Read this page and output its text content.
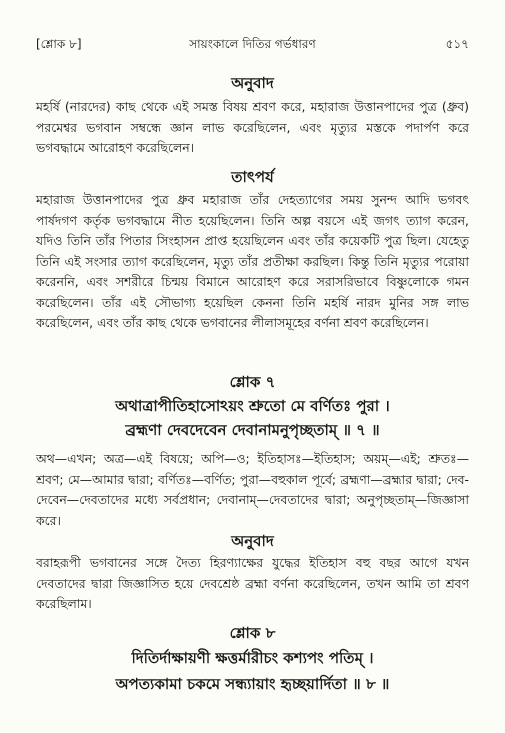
[শ্লোক ৮]	সায়ংকালে দিতির গর্ভধারণ	৫১৭
অনুবাদ
মহর্ষি (নারদের) কাছ থেকে এই সমস্ত বিষয় শ্রবণ করে, মহারাজ উত্তানপাদের পুত্র (ধ্রুব) পরমেশ্বর ভগবান সম্বন্ধে জ্ঞান লাভ করেছিলেন, এবং মৃত্যুর মস্তকে পদার্পণ করে ভগবদ্ধামে আরোহণ করেছিলেন।
তাৎপর্য
মহারাজ উত্তানপাদের পুত্র ধ্রুব মহারাজ তাঁর দেহত্যাগের সময় সুনন্দ আদি ভগবৎ পার্ষদগণ কর্তৃক ভগবদ্ধামে নীত হয়েছিলেন। তিনি অল্প বয়সে এই জগৎ ত্যাগ করেন, যদিও তিনি তাঁর পিতার সিংহাসন প্রাপ্ত হয়েছিলেন এবং তাঁর কয়েকটি পুত্র ছিল। যেহেতু তিনি এই সংসার ত্যাগ করেছিলেন, মৃত্যু তাঁর প্রতীক্ষা করছিল। কিন্তু তিনি মৃত্যুর পরোয়া করেননি, এবং সশরীরে চিন্ময় বিমানে আরোহণ করে সরাসরিভাবে বিষ্ণুলোকে গমন করেছিলেন। তাঁর এই সৌভাগ্য হয়েছিল কেননা তিনি মহর্ষি নারদ মুনির সঙ্গ লাভ করেছিলেন, এবং তাঁর কাছ থেকে ভগবানের লীলাসমূহের বর্ণনা শ্রবণ করেছিলেন।
শ্লোক ৭
অথাত্রাপীতিহাসোঽয়ং শ্রুতো মে বর্ণিতঃ পুরা ।
ব্রহ্মণা দেবদেবেন দেবানামনুপৃচ্ছতাম্ ॥ ৭ ॥
অথ—এখন; অত্র—এই বিষয়ে; অপি—ও; ইতিহাসঃ—ইতিহাস; অয়ম্—এই; শ্রুতঃ—শ্রবণ; মে—আমার দ্বারা; বর্ণিতঃ—বর্ণিত; পুরা—বহুকাল পূর্বে; ব্রহ্মণা—ব্রহ্মার দ্বারা; দেব-দেবেন—দেবতাদের মধ্যে সর্বপ্রধান; দেবানাম্—দেবতাদের দ্বারা; অনুপৃচ্ছতাম্—জিজ্ঞাসা করে।
অনুবাদ
বরাহরূপী ভগবানের সঙ্গে দৈত্য হিরণ্যাক্ষের যুদ্ধের ইতিহাস বহু বছর আগে যখন দেবতাদের দ্বারা জিজ্ঞাসিত হয়ে দেবশ্রেষ্ঠ ব্রহ্মা বর্ণনা করেছিলেন, তখন আমি তা শ্রবণ করেছিলাম।
শ্লোক ৮
দিতির্দাক্ষায়ণী ক্ষত্তর্মারীচং কশ্যপং পতিম্ ।
অপত্যকামা চকমে সন্ধ্যায়াং হৃচ্ছয়ার্দিতা ॥ ৮ ॥
